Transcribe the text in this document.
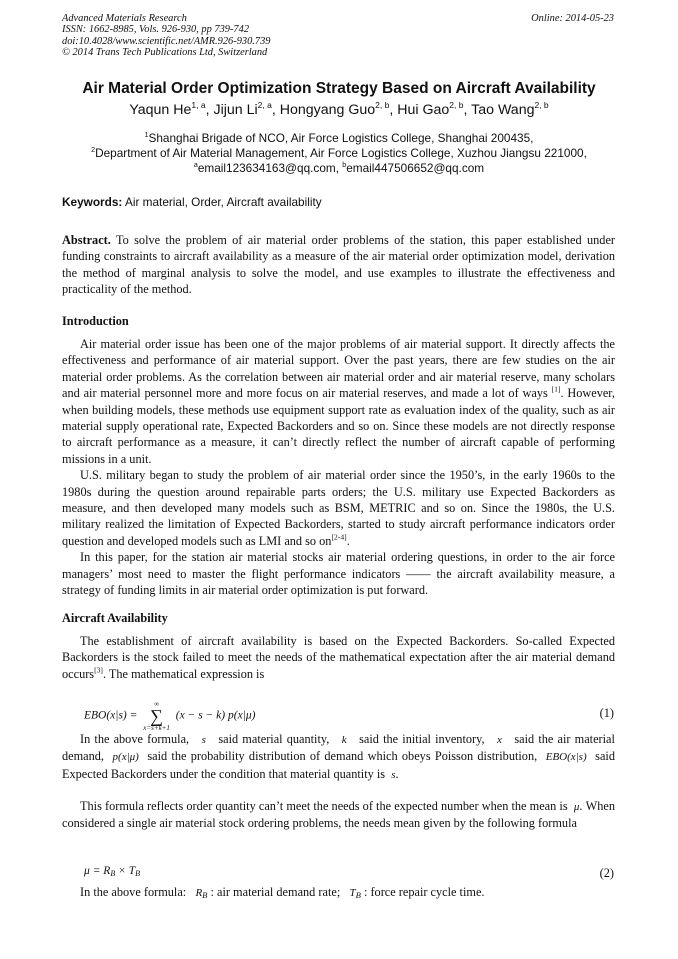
Advanced Materials Research
ISSN: 1662-8985, Vols. 926-930, pp 739-742
doi:10.4028/www.scientific.net/AMR.926-930.739
© 2014 Trans Tech Publications Ltd, Switzerland
Online: 2014-05-23
Air Material Order Optimization Strategy Based on Aircraft Availability
Yaqun He$^{1, a}$, Jijun Li$^{2, a}$, Hongyang Guo$^{2, b}$, Hui Gao$^{2, b}$, Tao Wang$^{2, b}$
$^1$Shanghai Brigade of NCO, Air Force Logistics College, Shanghai 200435,
$^2$Department of Air Material Management, Air Force Logistics College, Xuzhou Jiangsu 221000,
$^a$email123634163@qq.com, $^b$email447506652@qq.com
Keywords: Air material, Order, Aircraft availability

Abstract. To solve the problem of air material order problems of the station, this paper established under funding constraints to aircraft availability as a measure of the air material order optimization model, derivation the method of marginal analysis to solve the model, and use examples to illustrate the effectiveness and practicality of the method.

Introduction

Air material order issue has been one of the major problems of air material support. It directly affects the effectiveness and performance of air material support. Over the past years, there are few studies on the air material order problems. As the correlation between air material order and air material reserve, many scholars and air material personnel more and more focus on air material reserves, and made a lot of ways [1]. However, when building models, these methods use equipment support rate as evaluation index of the quality, such as air material supply operational rate, Expected Backorders and so on. Since these models are not directly response to aircraft performance as a measure, it can’t directly reflect the number of aircraft capable of performing missions in a unit.

U.S. military began to study the problem of air material order since the 1950’s, in the early 1960s to the 1980s during the question around repairable parts orders; the U.S. military use Expected Backorders as measure, and then developed many models such as BSM, METRIC and so on. Since the 1980s, the U.S. military realized the limitation of Expected Backorders, started to study aircraft performance indicators order question and developed models such as LMI and so on[2-4].

In this paper, for the station air material stocks air material ordering questions, in order to the air force managers’ most need to master the flight performance indicators —— the aircraft availability measure, a strategy of funding limits in air material order optimization is put forward.

Aircraft Availability

The establishment of aircraft availability is based on the Expected Backorders. So-called Expected Backorders is the stock failed to meet the needs of the mathematical expectation after the air material demand occurs[3]. The mathematical expression is

EBO(x|s) =
∞
∑
x=s+k+1
(x − s − k) p(x|μ)	(1)
In the above formula, s said material quantity, k said the initial inventory, x said the air material demand, p(x|μ) said the probability distribution of demand which obeys Poisson distribution, EBO(x|s) said Expected Backorders under the condition that material quantity is s.
This formula reflects order quantity can’t meet the needs of the expected number when the mean is μ. When considered a single air material stock ordering problems, the needs mean given by the following formula
$\mu = R_B \times T_B$	(2)
In the above formula: $R_B$ : air material demand rate; $T_B$ : force repair cycle time.
